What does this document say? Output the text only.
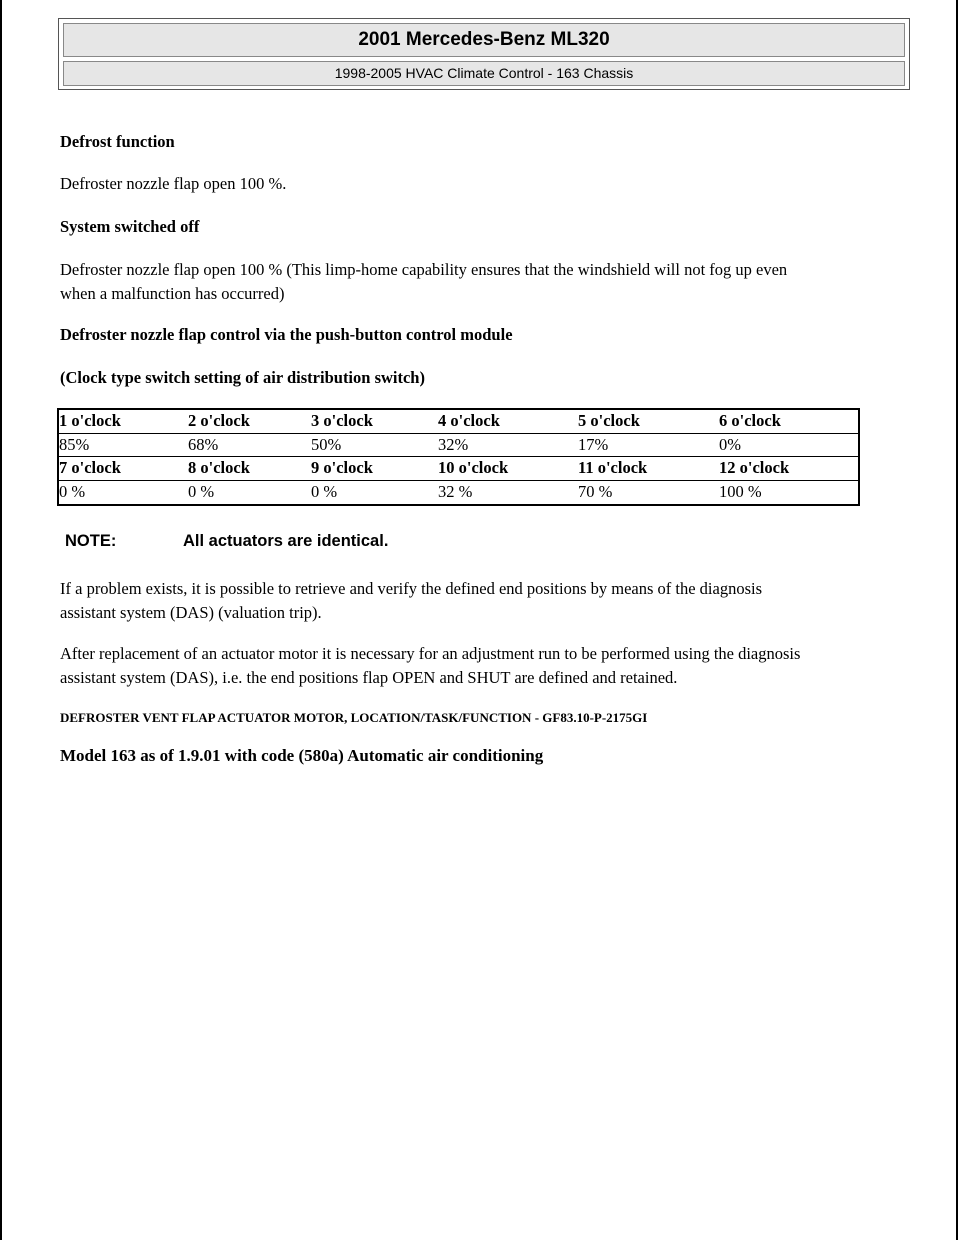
2001 Mercedes-Benz ML320
1998-2005 HVAC Climate Control - 163 Chassis

Defrost function

Defroster nozzle flap open 100 %.

System switched off

Defroster nozzle flap open 100 % (This limp-home capability ensures that the windshield will not fog up even

when a malfunction has occurred)

Defroster nozzle flap control via the push-button control module

(Clock type switch setting of air distribution switch)

1 o'clock	2 o'clock	3 o'clock	4 o'clock	5 o'clock	6 o'clock
85%	68%	50%	32%	17%	0%
7 o'clock	8 o'clock	9 o'clock	10 o'clock	11 o'clock	12 o'clock
0 %	0 %	0 %	32 %	70 %	100 %
NOTE:	All actuators are identical.

If a problem exists, it is possible to retrieve and verify the defined end positions by means of the diagnosis

assistant system (DAS) (valuation trip).

After replacement of an actuator motor it is necessary for an adjustment run to be performed using the diagnosis

assistant system (DAS), i.e. the end positions flap OPEN and SHUT are defined and retained.

DEFROSTER VENT FLAP ACTUATOR MOTOR, LOCATION/TASK/FUNCTION - GF83.10-P-2175GI

Model 163 as of 1.9.01 with code (580a) Automatic air conditioning
